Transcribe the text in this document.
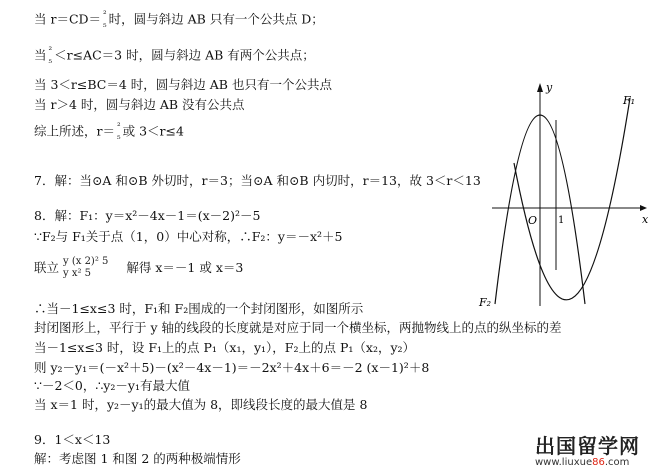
当 r＝CD＝ ²
₅ 时，圆与斜边 AB 只有一个公共点 D；
当 ²
₅ ＜r≤AC＝3 时，圆与斜边 AB 有两个公共点；
当 3＜r≤BC＝4 时，圆与斜边 AB 也只有一个公共点
当 r＞4 时，圆与斜边 AB 没有公共点
综上所述，r＝ ²
₅ 或 3＜r≤4
7．解：当⊙A 和⊙B 外切时，r＝3；当⊙A 和⊙B 内切时，r＝13，故 3＜r＜13
8．解：F₁：y＝x²－4x－1＝(x－2)²－5
∵F₂与 F₁关于点（1，0）中心对称，∴F₂：y＝－x²＋5
联立 y (x 2)² 5
y x² 5	解得 x＝－1 或 x＝3
∴当－1≤x≤3 时，F₁和 F₂围成的一个封闭图形，如图所示
封闭图形上，平行于 y 轴的线段的长度就是对应于同一个横坐标，两抛物线上的点的纵坐标的差
当－1≤x≤3 时，设 F₁上的点 P₁（x₁，y₁），F₂上的点 P₁（x₂，y₂）
则 y₂－y₁＝(－x²＋5)－(x²－4x－1)＝－2x²＋4x＋6＝－2 (x－1)²＋8
∵－2＜0，∴y₂－y₁有最大值
当 x＝1 时，y₂－y₁的最大值为 8，即线段长度的最大值是 8
9．1＜x＜13
解：考虑图 1 和图 2 的两种极端情形
y
x
O 1
F₁
F₂
出国留学网
www.liuxue86.com
